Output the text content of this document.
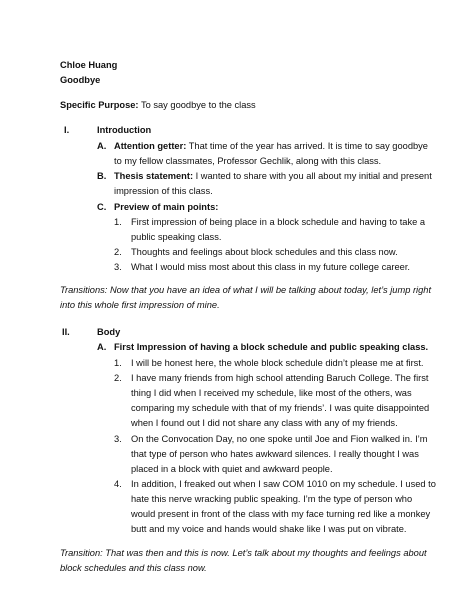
Chloe Huang
Goodbye
Specific Purpose: To say goodbye to the class
I.	Introduction
A. Attention getter: That time of the year has arrived. It is time to say goodbye
to my fellow classmates, Professor Gechlik, along with this class.
B. Thesis statement: I wanted to share with you all about my initial and present
impression of this class.
C. Preview of main points:
1. First impression of being place in a block schedule and having to take a
public speaking class.
2. Thoughts and feelings about block schedules and this class now.
3. What I would miss most about this class in my future college career.
Transitions: Now that you have an idea of what I will be talking about today, let’s jump right
into this whole first impression of mine.
II.	Body
A. First Impression of having a block schedule and public speaking class.
1. I will be honest here, the whole block schedule didn’t please me at first.
2. I have many friends from high school attending Baruch College. The first
thing I did when I received my schedule, like most of the others, was
comparing my schedule with that of my friends’. I was quite disappointed
when I found out I did not share any class with any of my friends.
3. On the Convocation Day, no one spoke until Joe and Fion walked in. I’m
that type of person who hates awkward silences. I really thought I was
placed in a block with quiet and awkward people.
4. In addition, I freaked out when I saw COM 1010 on my schedule. I used to
hate this nerve wracking public speaking. I’m the type of person who
would present in front of the class with my face turning red like a monkey
butt and my voice and hands would shake like I was put on vibrate.
Transition: That was then and this is now. Let’s talk about my thoughts and feelings about
block schedules and this class now.
